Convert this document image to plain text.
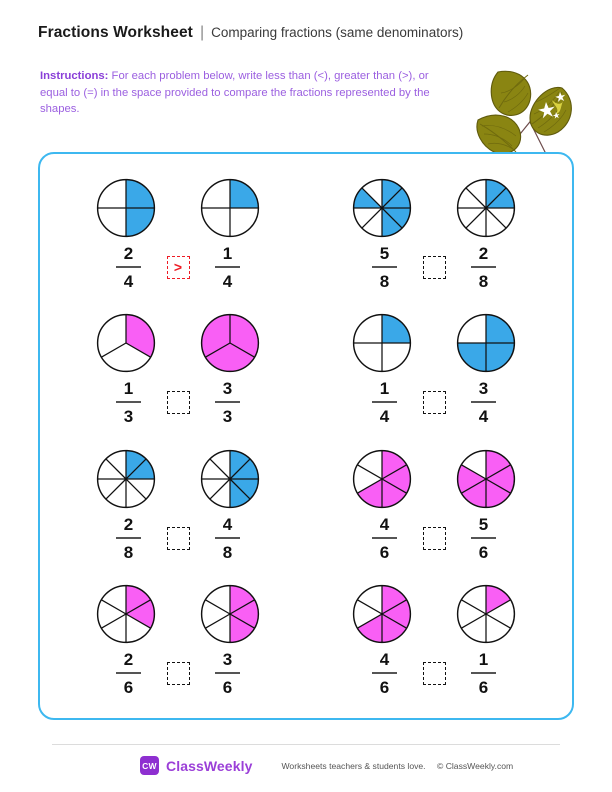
Fractions Worksheet | Comparing fractions (same denominators)
Instructions: For each problem below, write less than (<), greater than (>), or equal to (=) in the space provided to compare the fractions represented by the shapes.
$\frac{2}{4} > \frac{1}{4}$	$\frac{5}{8} \frac{2}{8}$
$\frac{1}{3} \frac{3}{3}$	$\frac{1}{4} \frac{3}{4}$
$\frac{2}{8} \frac{4}{8}$	$\frac{4}{6} \frac{5}{6}$
$\frac{2}{6} \frac{3}{6}$	$\frac{4}{6} \frac{1}{6}$
CW ClassWeekly	Worksheets teachers & students love. © ClassWeekly.com
